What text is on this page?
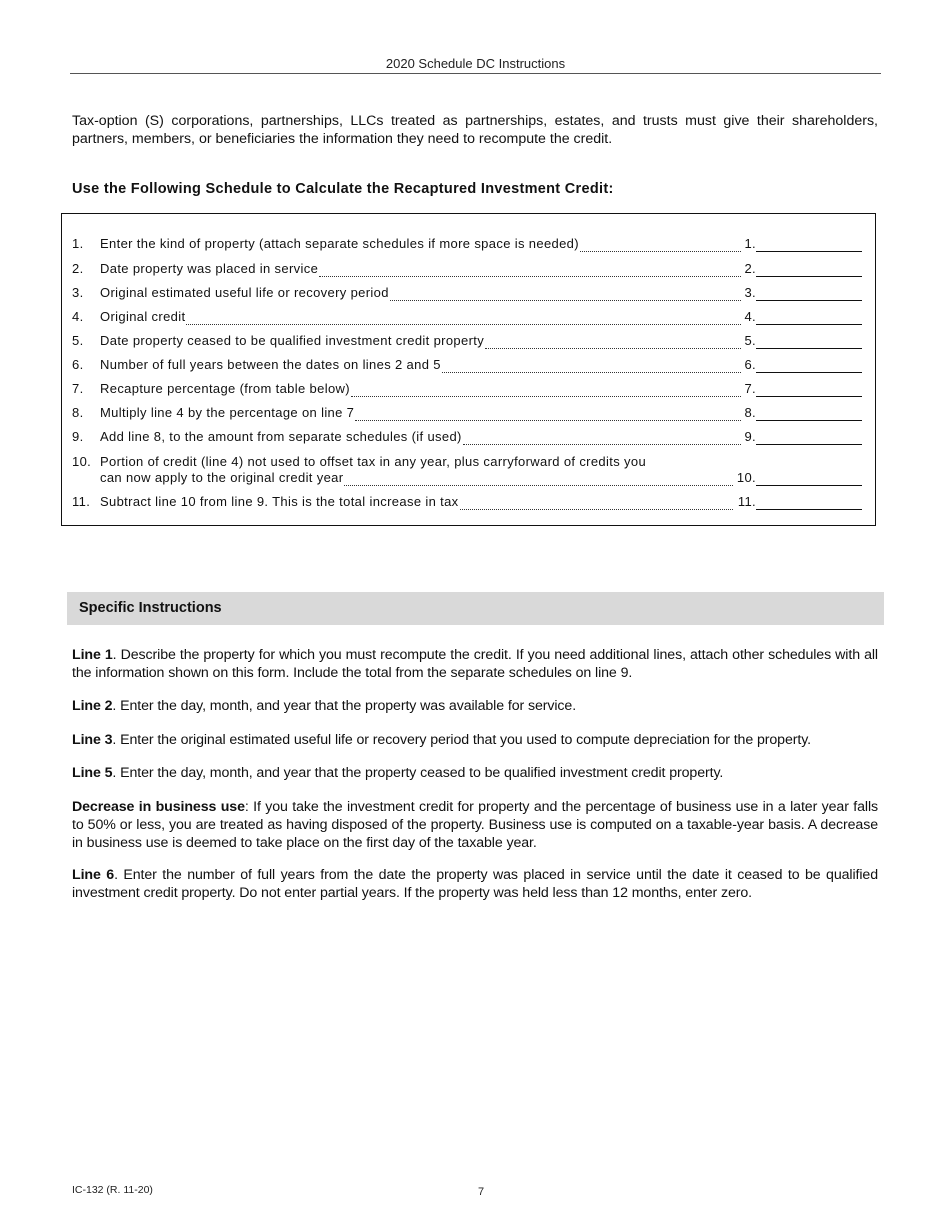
2020 Schedule DC Instructions
Tax-option (S) corporations, partnerships, LLCs treated as partnerships, estates, and trusts must give their shareholders, partners, members, or beneficiaries the information they need to recompute the credit.
Use the Following Schedule to Calculate the Recaptured Investment Credit:
1. Enter the kind of property (attach separate schedules if more space is needed)	1.
2. Date property was placed in service	2.
3. Original estimated useful life or recovery period	3.
4. Original credit	4.
5. Date property ceased to be qualified investment credit property	5.
6. Number of full years between the dates on lines 2 and 5	6.
7. Recapture percentage (from table below)	7.
8. Multiply line 4 by the percentage on line 7	8.
9. Add line 8, to the amount from separate schedules (if used)	9.
10. Portion of credit (line 4) not used to offset tax in any year, plus carryforward of credits you
can now apply to the original credit year	10.
11. Subtract line 10 from line 9. This is the total increase in tax	11.
Specific Instructions
Line 1. Describe the property for which you must recompute the credit. If you need additional lines, attach other schedules with all the information shown on this form. Include the total from the separate schedules on line 9.
Line 2. Enter the day, month, and year that the property was available for service.
Line 3. Enter the original estimated useful life or recovery period that you used to compute depreciation for the property.
Line 5. Enter the day, month, and year that the property ceased to be qualified investment credit property.
Decrease in business use: If you take the investment credit for property and the percentage of business use in a later year falls to 50% or less, you are treated as having disposed of the property. Business use is computed on a taxable-year basis. A decrease in business use is deemed to take place on the first day of the taxable year.
Line 6. Enter the number of full years from the date the property was placed in service until the date it ceased to be qualified investment credit property. Do not enter partial years. If the property was held less than 12 months, enter zero.
IC-132 (R. 11-20)	7
